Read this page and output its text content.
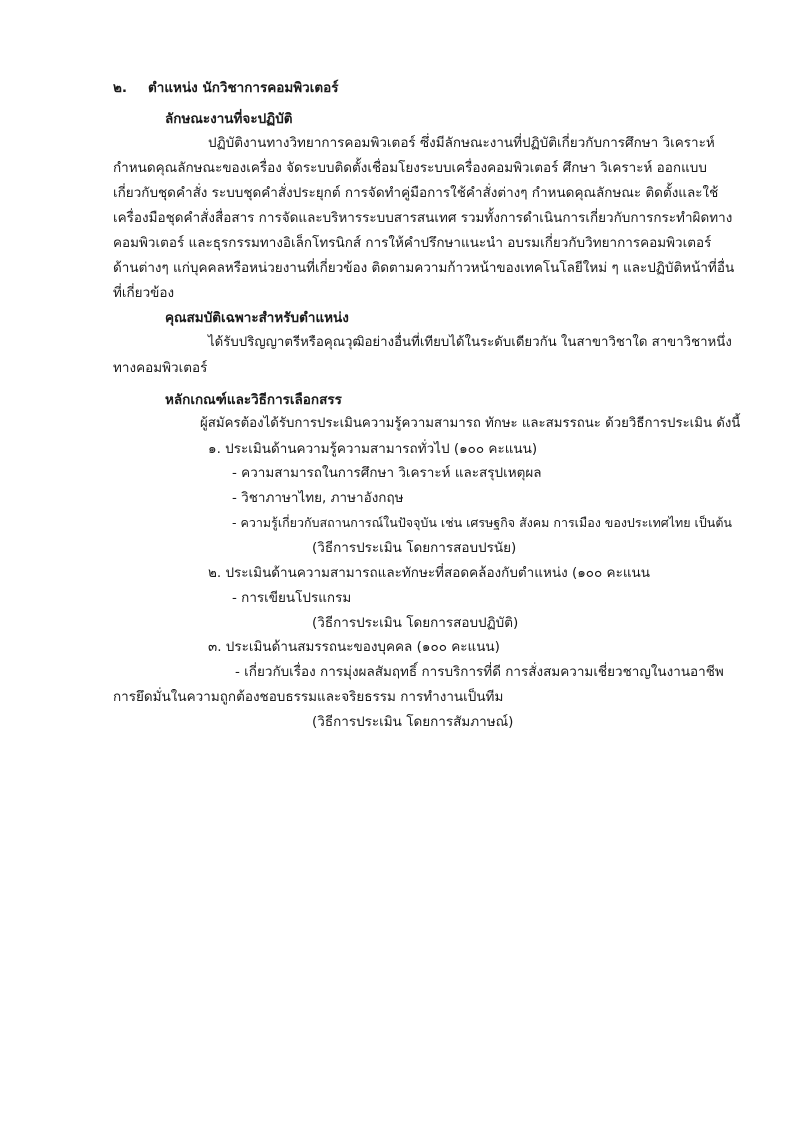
๒. ตำแหน่ง นักวิชาการคอมพิวเตอร์
ลักษณะงานที่จะปฏิบัติ
ปฏิบัติงานทางวิทยาการคอมพิวเตอร์ ซึ่งมีลักษณะงานที่ปฏิบัติเกี่ยวกับการศึกษา วิเคราะห์
กำหนดคุณลักษณะของเครื่อง จัดระบบติดตั้งเชื่อมโยงระบบเครื่องคอมพิวเตอร์ ศึกษา วิเคราะห์ ออกแบบ
เกี่ยวกับชุดคำสั่ง ระบบชุดคำสั่งประยุกต์ การจัดทำคู่มือการใช้คำสั่งต่างๆ กำหนดคุณลักษณะ ติดตั้งและใช้
เครื่องมือชุดคำสั่งสื่อสาร การจัดและบริหารระบบสารสนเทศ รวมทั้งการดำเนินการเกี่ยวกับการกระทำผิดทาง
คอมพิวเตอร์ และธุรกรรมทางอิเล็กโทรนิกส์ การให้คำปรึกษาแนะนำ อบรมเกี่ยวกับวิทยาการคอมพิวเตอร์
ด้านต่างๆ แก่บุคคลหรือหน่วยงานที่เกี่ยวข้อง ติดตามความก้าวหน้าของเทคโนโลยีใหม่ ๆ และปฏิบัติหน้าที่อื่น
ที่เกี่ยวข้อง
คุณสมบัติเฉพาะสำหรับตำแหน่ง
ได้รับปริญญาตรีหรือคุณวุฒิอย่างอื่นที่เทียบได้ในระดับเดียวกัน ในสาขาวิชาใด สาขาวิชาหนึ่ง
ทางคอมพิวเตอร์
หลักเกณฑ์และวิธีการเลือกสรร
ผู้สมัครต้องได้รับการประเมินความรู้ความสามารถ ทักษะ และสมรรถนะ ด้วยวิธีการประเมิน ดังนี้
๑. ประเมินด้านความรู้ความสามารถทั่วไป (๑๐๐ คะแนน)
- ความสามารถในการศึกษา วิเคราะห์ และสรุปเหตุผล
- วิชาภาษาไทย, ภาษาอังกฤษ
- ความรู้เกี่ยวกับสถานการณ์ในปัจจุบัน เช่น เศรษฐกิจ สังคม การเมือง ของประเทศไทย เป็นต้น
(วิธีการประเมิน โดยการสอบปรนัย)
๒. ประเมินด้านความสามารถและทักษะที่สอดคล้องกับตำแหน่ง (๑๐๐ คะแนน
- การเขียนโปรแกรม
(วิธีการประเมิน โดยการสอบปฏิบัติ)
๓. ประเมินด้านสมรรถนะของบุคคล (๑๐๐ คะแนน)
- เกี่ยวกับเรื่อง การมุ่งผลสัมฤทธิ์ การบริการที่ดี การสั่งสมความเชี่ยวชาญในงานอาชีพ
การยึดมั่นในความถูกต้องชอบธรรมและจริยธรรม การทำงานเป็นทีม
(วิธีการประเมิน โดยการสัมภาษณ์)
